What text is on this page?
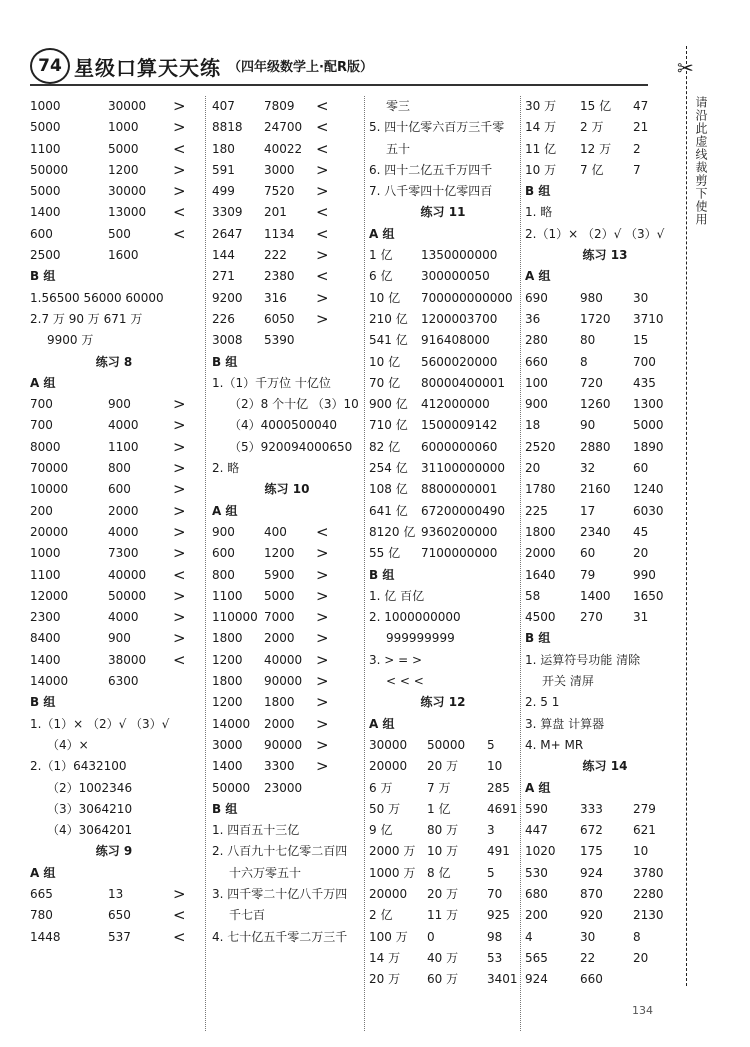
74 星级口算天天练 （四年级数学上·配R版）
1000	30000 >
5000	1000 >
1100	5000 <
50000	1200 >
5000	30000 >
1400	13000 <
600	500	<
2500	1600
B 组
1.56500 56000 60000
2.7 万 90 万 671 万
9900 万
练习 8
A 组
700	900	>
700	4000 >
8000	1100 >
70000	800	>
10000	600	>
200	2000 >
20000	4000 >
1000	7300 >
1100	40000 <
12000	50000 >
2300	4000 >
8400	900	>
1400	38000 <
14000	6300
B 组
1.（1）× （2）√ （3）√
（4）×
2.（1）6432100
（2）1002346
（3）3064210
（4）3064201
练习 9
A 组
665	13	>
780	650	<
1448	537	<
407 7809 <
8818 24700 <
180 40022 <
591 3000 >
499 7520 >
3309 201 <
2647 1134 <
144 222 >
271 2380 <
9200 316 >
226 6050 >
3008 5390
B 组
1.（1）千万位 十亿位
（2）8 个十亿 （3）10
（4）4000500040
（5）920094000650
2. 略
练习 10
A 组
900 400 <
600 1200 >
800 5900 >
1100 5000 >
110000 7000 >
1800 2000 >
1200 40000 >
1800 90000 >
1200 1800 >
14000 2000 >
3000 90000 >
1400 3300 >
50000 23000
B 组
1. 四百五十三亿
2. 八百九十七亿零二百四
十六万零五十
3. 四千零二十亿八千万四
千七百
4. 七十亿五千零二万三千
零三
5. 四十亿零六百万三千零
五十
6. 四十二亿五千万四千
7. 八千零四十亿零四百
练习 11
A 组
1 亿 1350000000
6 亿 300000050
10 亿 700000000000
210 亿 1200003700
541 亿 916408000
10 亿 5600020000
70 亿 80000400001
900 亿 412000000
710 亿 1500009142
82 亿 6000000060
254 亿 31100000000
108 亿 8800000001
641 亿 67200000490
8120 亿 9360200000
55 亿 7100000000
B 组
1. 亿 百亿
2. 1000000000
999999999
3. > = >
< < <
练习 12
A 组
30000 50000 5
20000 20 万 10
6 万	7 万	285
50 万 1 亿	4691
9 亿	80 万 3
2000 万 10 万 491
1000 万 8 亿	5
20000 20 万 70
2 亿	11 万 925
100 万 0	98
14 万 40 万 53
20 万 60 万 3401
30 万 15 亿 47
14 万 2 万 21
11 亿 12 万 2
10 万 7 亿 7
B 组
1. 略
2.（1）× （2）√ （3）√
练习 13
A 组
690	980	30
36	1720 3710
280	80	15
660	8	700
100	720	435
900	1260 1300
18	90	5000
2520 2880 1890
20	32	60
1780 2160 1240
225	17	6030
1800 2340 45
2000 60	20
1640 79	990
58	1400 1650
4500 270	31
B 组
1. 运算符号功能 清除
开关 清屏
2. 5 1
3. 算盘 计算器
4. M+ MR
练习 14
A 组
590	333	279
447	672	621
1020 175	10
530	924	3780
680	870	2280
200	920	2130
4	30	8
565	22	20
924	660
✂
请沿此虚线裁剪下使用
134
